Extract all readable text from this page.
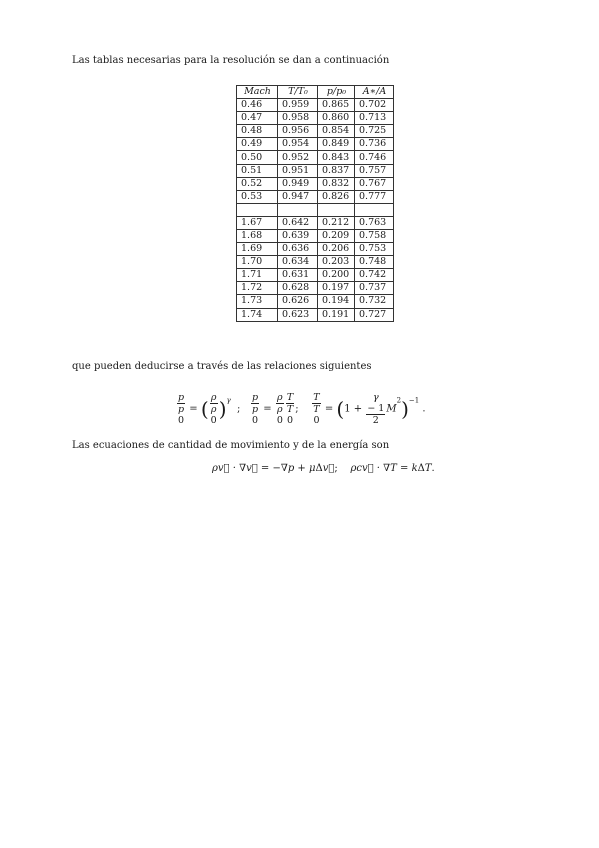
Las tablas necesarias para la resolución se dan a continuación
Mach	T/T₀	p/p₀	A∗/A
0.46	0.959	0.865	0.702
0.47	0.958	0.860	0.713
0.48	0.956	0.854	0.725
0.49	0.954	0.849	0.736
0.50	0.952	0.843	0.746
0.51	0.951	0.837	0.757
0.52	0.949	0.832	0.767
0.53	0.947	0.826	0.777

1.67	0.642	0.212	0.763
1.68	0.639	0.209	0.758
1.69	0.636	0.206	0.753
1.70	0.634	0.203	0.748
1.71	0.631	0.200	0.742
1.72	0.628	0.197	0.737
1.73	0.626	0.194	0.732
1.74	0.623	0.191	0.727
que pueden deducirse a través de las relaciones siguientes
p
p
0 = ( ρ
ρ
0 )$^\gamma$  ; p
p
0 = ρ
ρ
0 T
T
0 ; T
T
0 = (1 + γ
− 1
2 $M^2)^{-1}$ .
Las ecuaciones de cantidad de movimiento y de la energía son
ρv⃗ · ∇v⃗ = −∇p + μΔv⃗;    ρcv⃗ · ∇T = kΔT.
